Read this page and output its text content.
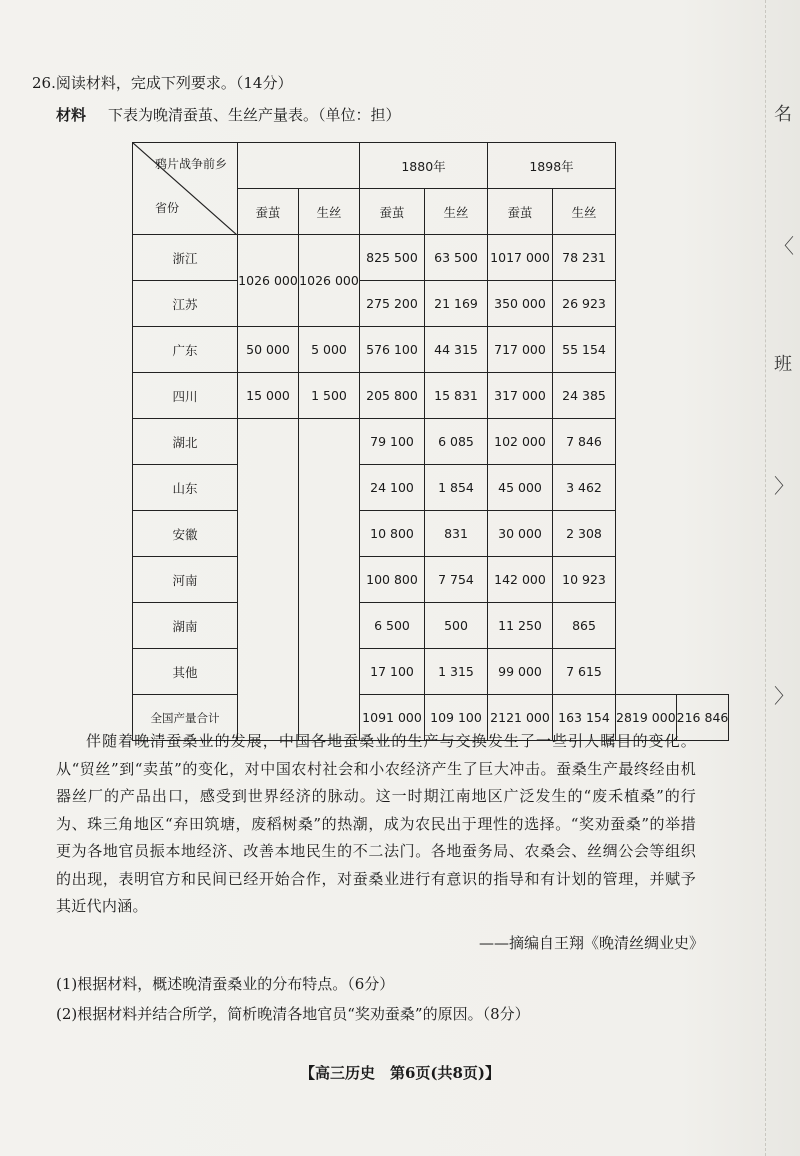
名
〈
班
〉
〉
26.阅读材料，完成下列要求。（14分）
材料 下表为晚清蚕茧、生丝产量表。（单位：担）
鸦片战争前乡
省份			1880年		1898年			
	蚕茧	生丝	蚕茧	生丝	蚕茧	生丝		
浙江	1026 000	1026 000	825 500	63 500	1017 000	78 231		
江苏			275 200	21 169	350 000	26 923		
广东	50 000	5 000	576 100	44 315	717 000	55 154		
四川	15 000	1 500	205 800	15 831	317 000	24 385		
湖北			79 100	6 085	102 000	7 846		
山东			24 100	1 854	45 000	3 462		
安徽			10 800	831	30 000	2 308		
河南			100 800	7 754	142 000	10 923		
湖南			6 500	500	11 250	865		
其他			17 100	1 315	99 000	7 615		
全国产量合计			1091 000	109 100	2121 000	163 154	2819 000	216 846
伴随着晚清蚕桑业的发展，中国各地蚕桑业的生产与交换发生了一些引人瞩目的变化。从“贸丝”到“卖茧”的变化，对中国农村社会和小农经济产生了巨大冲击。蚕桑生产最终经由机器丝厂的产品出口，感受到世界经济的脉动。这一时期江南地区广泛发生的“废禾植桑”的行为、珠三角地区“弃田筑塘，废稻树桑”的热潮，成为农民出于理性的选择。“奖劝蚕桑”的举措更为各地官员振本地经济、改善本地民生的不二法门。各地蚕务局、农桑会、丝绸公会等组织的出现，表明官方和民间已经开始合作，对蚕桑业进行有意识的指导和有计划的管理，并赋予其近代内涵。
——摘编自王翔《晚清丝绸业史》
(1)根据材料，概述晚清蚕桑业的分布特点。（6分）
(2)根据材料并结合所学，简析晚清各地官员“奖劝蚕桑”的原因。（8分）
【高三历史　第6页(共8页)】
